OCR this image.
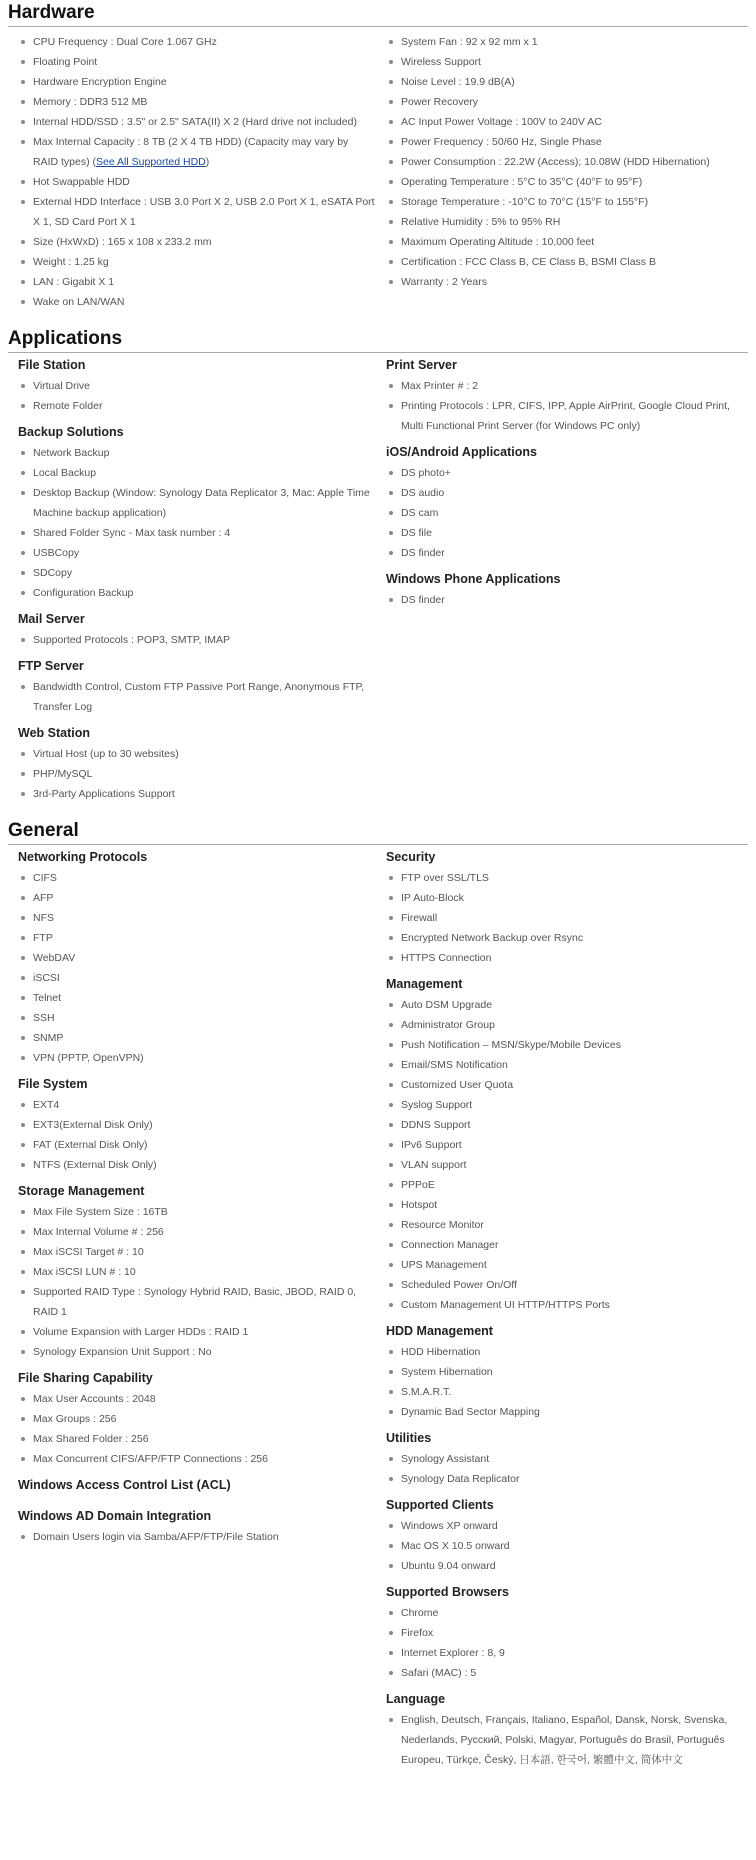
Hardware
CPU Frequency : Dual Core 1.067 GHz
Floating Point
Hardware Encryption Engine
Memory : DDR3 512 MB
Internal HDD/SSD : 3.5" or 2.5" SATA(II) X 2 (Hard drive not included)
Max Internal Capacity : 8 TB (2 X 4 TB HDD) (Capacity may vary by RAID types) (See All Supported HDD)
Hot Swappable HDD
External HDD Interface : USB 3.0 Port X 2, USB 2.0 Port X 1, eSATA Port X 1, SD Card Port X 1
Size (HxWxD) : 165 x 108 x 233.2 mm
Weight : 1.25 kg
LAN : Gigabit X 1
Wake on LAN/WAN
System Fan : 92 x 92 mm x 1
Wireless Support
Noise Level : 19.9 dB(A)
Power Recovery
AC Input Power Voltage : 100V to 240V AC
Power Frequency : 50/60 Hz, Single Phase
Power Consumption : 22.2W (Access); 10.08W (HDD Hibernation)
Operating Temperature : 5°C to 35°C (40°F to 95°F)
Storage Temperature : -10°C to 70°C (15°F to 155°F)
Relative Humidity : 5% to 95% RH
Maximum Operating Altitude : 10,000 feet
Certification : FCC Class B, CE Class B, BSMI Class B
Warranty : 2 Years
Applications
File Station
Virtual Drive
Remote Folder
Backup Solutions
Network Backup
Local Backup
Desktop Backup (Window: Synology Data Replicator 3, Mac: Apple Time Machine backup application)
Shared Folder Sync - Max task number : 4
USBCopy
SDCopy
Configuration Backup
Mail Server
Supported Protocols : POP3, SMTP, IMAP
FTP Server
Bandwidth Control, Custom FTP Passive Port Range, Anonymous FTP, Transfer Log
Web Station
Virtual Host (up to 30 websites)
PHP/MySQL
3rd-Party Applications Support
Print Server
Max Printer # : 2
Printing Protocols : LPR, CIFS, IPP, Apple AirPrint, Google Cloud Print, Multi Functional Print Server (for Windows PC only)
iOS/Android Applications
DS photo+
DS audio
DS cam
DS file
DS finder
Windows Phone Applications
DS finder
General
Networking Protocols
CIFS
AFP
NFS
FTP
WebDAV
iSCSI
Telnet
SSH
SNMP
VPN (PPTP, OpenVPN)
File System
EXT4
EXT3(External Disk Only)
FAT (External Disk Only)
NTFS (External Disk Only)
Storage Management
Max File System Size : 16TB
Max Internal Volume # : 256
Max iSCSI Target # : 10
Max iSCSI LUN # : 10
Supported RAID Type : Synology Hybrid RAID, Basic, JBOD, RAID 0, RAID 1
Volume Expansion with Larger HDDs : RAID 1
Synology Expansion Unit Support : No
File Sharing Capability
Max User Accounts : 2048
Max Groups : 256
Max Shared Folder : 256
Max Concurrent CIFS/AFP/FTP Connections : 256
Windows Access Control List (ACL)
Windows AD Domain Integration
Domain Users login via Samba/AFP/FTP/File Station
Security
FTP over SSL/TLS
IP Auto-Block
Firewall
Encrypted Network Backup over Rsync
HTTPS Connection
Management
Auto DSM Upgrade
Administrator Group
Push Notification – MSN/Skype/Mobile Devices
Email/SMS Notification
Customized User Quota
Syslog Support
DDNS Support
IPv6 Support
VLAN support
PPPoE
Hotspot
Resource Monitor
Connection Manager
UPS Management
Scheduled Power On/Off
Custom Management UI HTTP/HTTPS Ports
HDD Management
HDD Hibernation
System Hibernation
S.M.A.R.T.
Dynamic Bad Sector Mapping
Utilities
Synology Assistant
Synology Data Replicator
Supported Clients
Windows XP onward
Mac OS X 10.5 onward
Ubuntu 9.04 onward
Supported Browsers
Chrome
Firefox
Internet Explorer : 8, 9
Safari (MAC) : 5
Language
English, Deutsch, Français, Italiano, Español, Dansk, Norsk, Svenska, Nederlands, Русский, Polski, Magyar, Português do Brasil, Português Europeu, Türkçe, Český, 日本語, 한국어, 繁體中文, 简体中文
